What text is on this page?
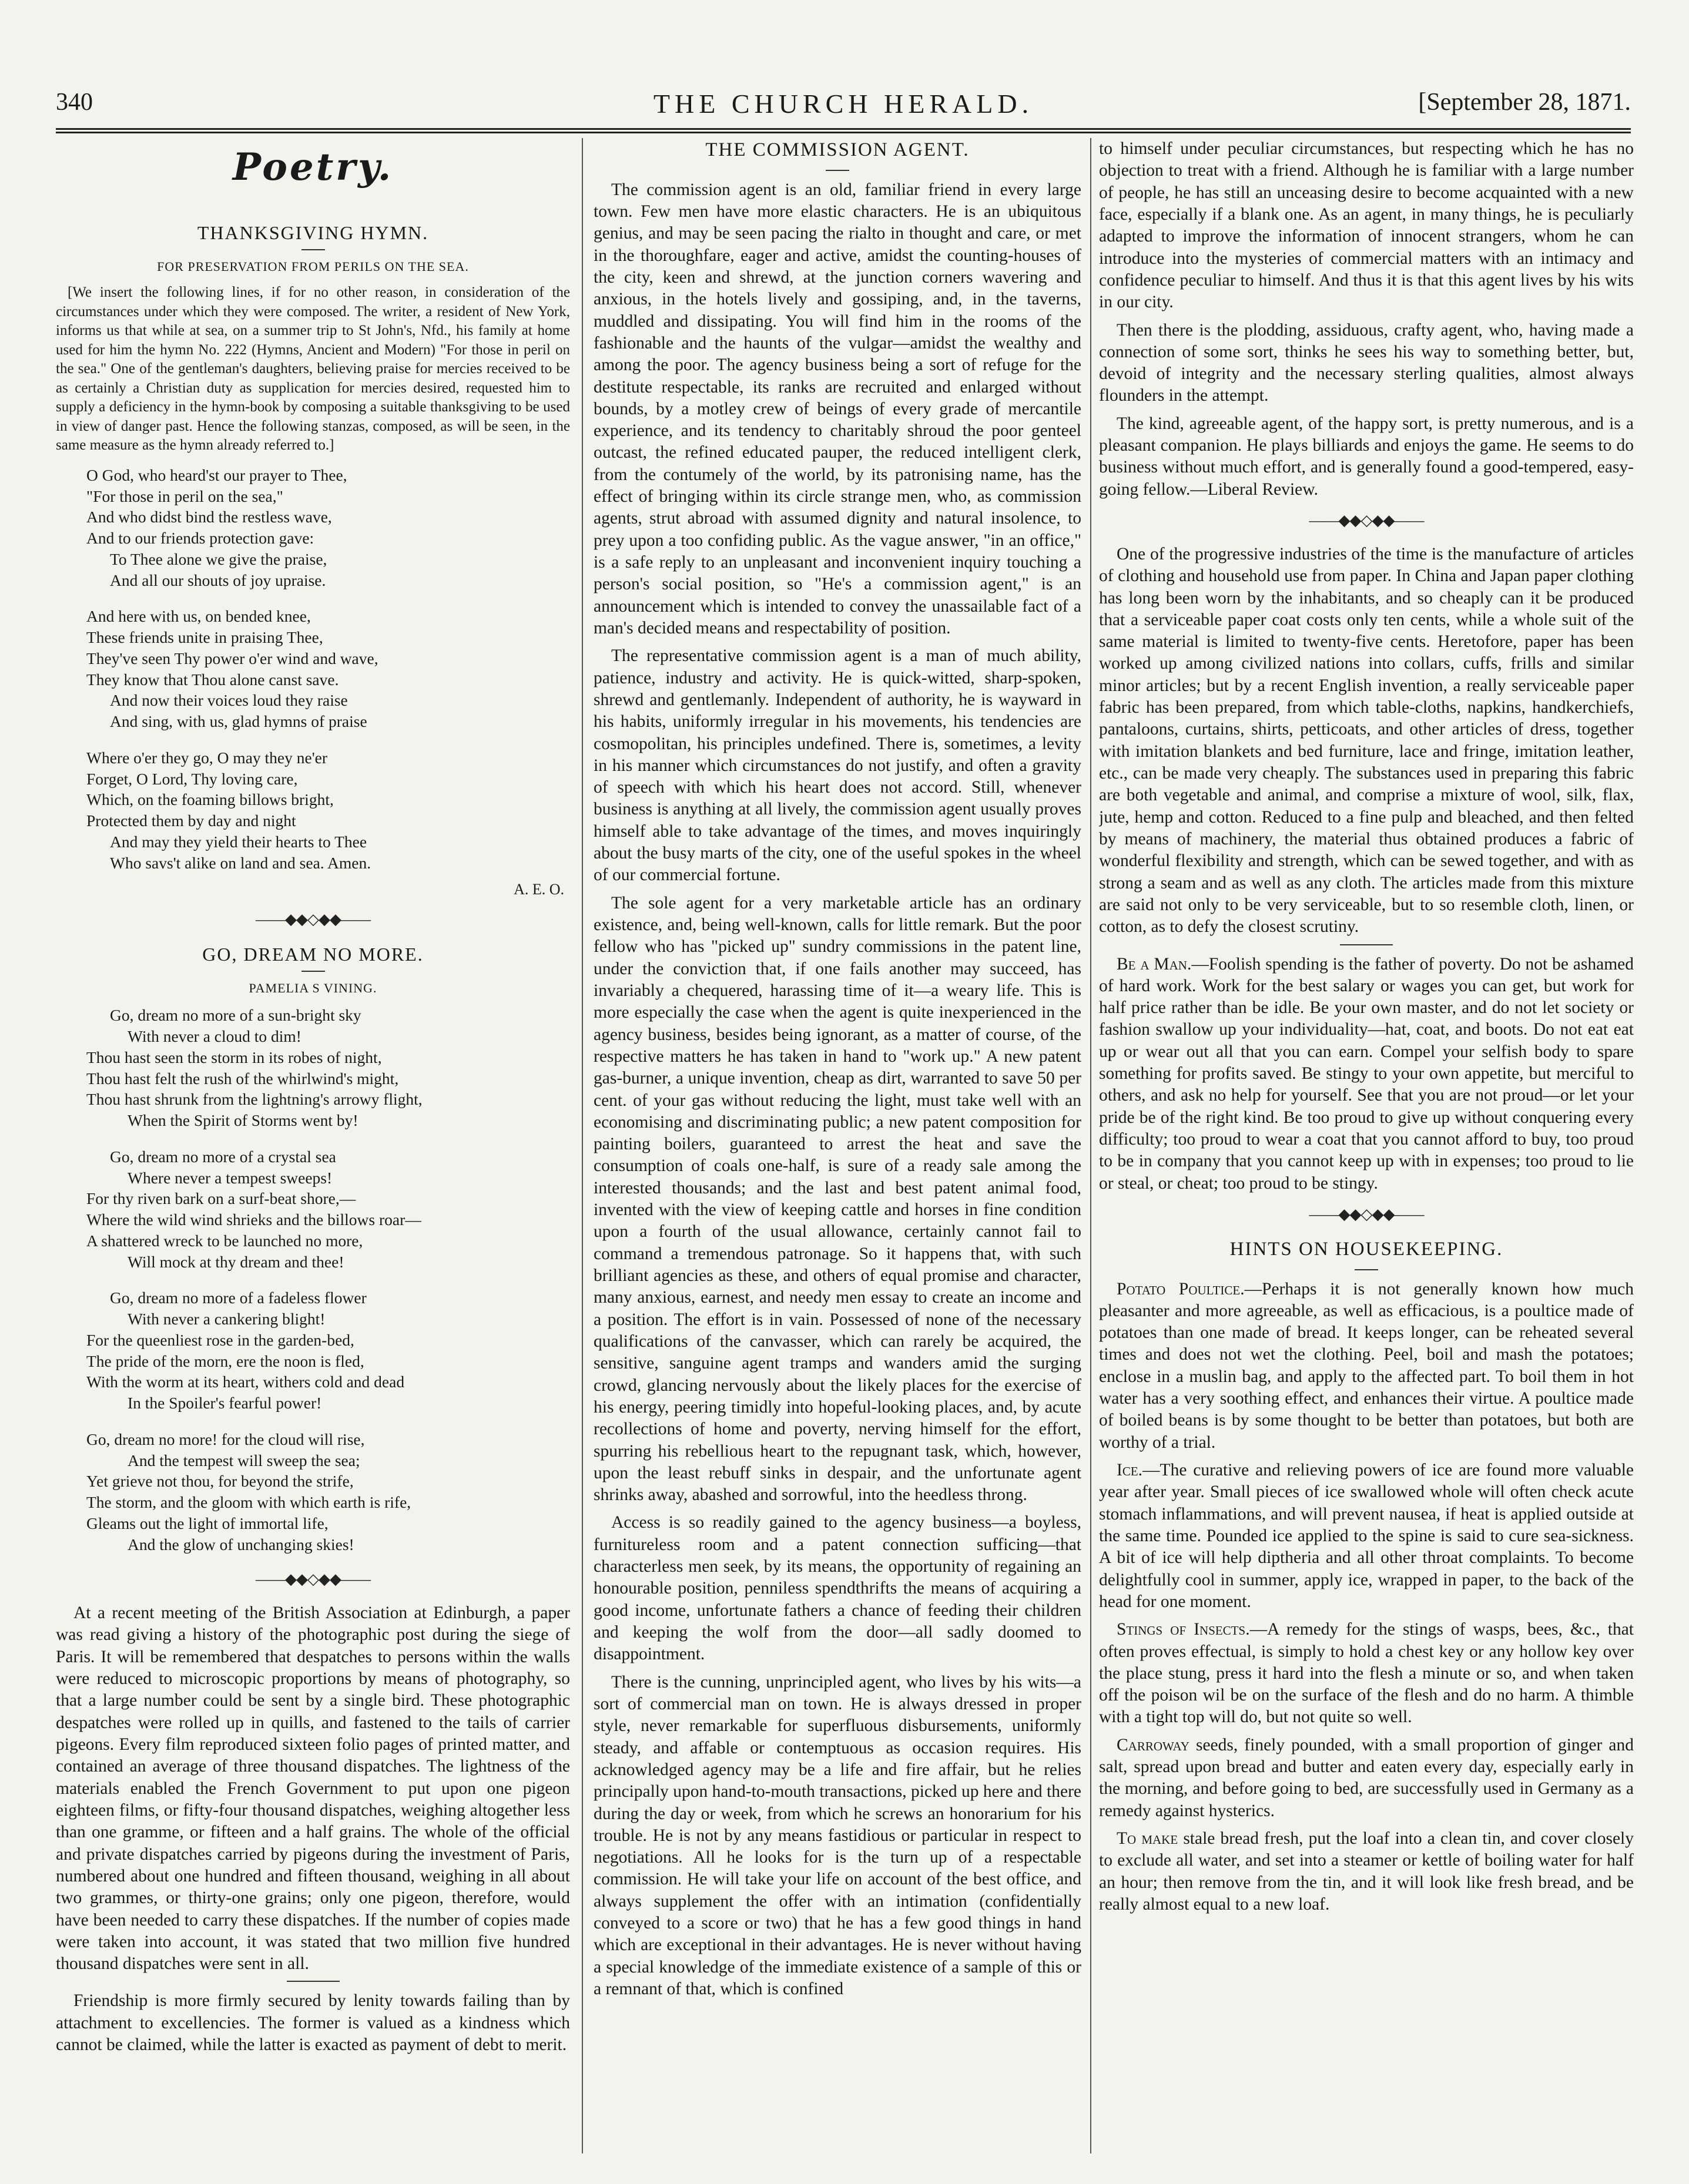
340	THE CHURCH HERALD.	[September 28, 1871.
Poetry.
THANKSGIVING HYMN.
FOR PRESERVATION FROM PERILS ON THE SEA.

[We insert the following lines, if for no other reason, in consideration of the circumstances under which they were composed. The writer, a resident of New York, informs us that while at sea, on a summer trip to St John's, Nfd., his family at home used for him the hymn No. 222 (Hymns, Ancient and Modern) "For those in peril on the sea." One of the gentleman's daughters, believing praise for mercies received to be as certainly a Christian duty as supplication for mercies desired, requested him to supply a deficiency in the hymn-book by composing a suitable thanksgiving to be used in view of danger past. Hence the following stanzas, composed, as will be seen, in the same measure as the hymn already referred to.]

O God, who heard'st our prayer to Thee,
"For those in peril on the sea,"
And who didst bind the restless wave,
And to our friends protection gave:
To Thee alone we give the praise,
And all our shouts of joy upraise.
And here with us, on bended knee,
These friends unite in praising Thee,
They've seen Thy power o'er wind and wave,
They know that Thou alone canst save.
And now their voices loud they raise
And sing, with us, glad hymns of praise
Where o'er they go, O may they ne'er
Forget, O Lord, Thy loving care,
Which, on the foaming billows bright,
Protected them by day and night
And may they yield their hearts to Thee
Who savs't alike on land and sea. Amen.
A. E. O.
——◆◆◇◆◆——
GO, DREAM NO MORE.
PAMELIA S VINING.
Go, dream no more of a sun-bright sky
With never a cloud to dim!
Thou hast seen the storm in its robes of night,
Thou hast felt the rush of the whirlwind's might,
Thou hast shrunk from the lightning's arrowy flight,
When the Spirit of Storms went by!
Go, dream no more of a crystal sea
Where never a tempest sweeps!
For thy riven bark on a surf-beat shore,—
Where the wild wind shrieks and the billows roar—
A shattered wreck to be launched no more,
Will mock at thy dream and thee!
Go, dream no more of a fadeless flower
With never a cankering blight!
For the queenliest rose in the garden-bed,
The pride of the morn, ere the noon is fled,
With the worm at its heart, withers cold and dead
In the Spoiler's fearful power!
Go, dream no more! for the cloud will rise,
And the tempest will sweep the sea;
Yet grieve not thou, for beyond the strife,
The storm, and the gloom with which earth is rife,
Gleams out the light of immortal life,
And the glow of unchanging skies!
——◆◆◇◆◆——

At a recent meeting of the British Association at Edinburgh, a paper was read giving a history of the photographic post during the siege of Paris. It will be remembered that despatches to persons within the walls were reduced to microscopic proportions by means of photography, so that a large number could be sent by a single bird. These photographic despatches were rolled up in quills, and fastened to the tails of carrier pigeons. Every film reproduced sixteen folio pages of printed matter, and contained an average of three thousand dispatches. The lightness of the materials enabled the French Government to put upon one pigeon eighteen films, or fifty-four thousand dispatches, weighing altogether less than one gramme, or fifteen and a half grains. The whole of the official and private dispatches carried by pigeons during the investment of Paris, numbered about one hundred and fifteen thousand, weighing in all about two grammes, or thirty-one grains; only one pigeon, therefore, would have been needed to carry these dispatches. If the number of copies made were taken into account, it was stated that two million five hundred thousand dispatches were sent in all.

Friendship is more firmly secured by lenity towards failing than by attachment to excellencies. The former is valued as a kindness which cannot be claimed, while the latter is exacted as payment of debt to merit.

THE COMMISSION AGENT.

The commission agent is an old, familiar friend in every large town. Few men have more elastic characters. He is an ubiquitous genius, and may be seen pacing the rialto in thought and care, or met in the thoroughfare, eager and active, amidst the counting-houses of the city, keen and shrewd, at the junction corners wavering and anxious, in the hotels lively and gossiping, and, in the taverns, muddled and dissipating. You will find him in the rooms of the fashionable and the haunts of the vulgar—amidst the wealthy and among the poor. The agency business being a sort of refuge for the destitute respectable, its ranks are recruited and enlarged without bounds, by a motley crew of beings of every grade of mercantile experience, and its tendency to charitably shroud the poor genteel outcast, the refined educated pauper, the reduced intelligent clerk, from the contumely of the world, by its patronising name, has the effect of bringing within its circle strange men, who, as commission agents, strut abroad with assumed dignity and natural insolence, to prey upon a too confiding public. As the vague answer, "in an office," is a safe reply to an unpleasant and inconvenient inquiry touching a person's social position, so "He's a commission agent," is an announcement which is intended to convey the unassailable fact of a man's decided means and respectability of position.

The representative commission agent is a man of much ability, patience, industry and activity. He is quick-witted, sharp-spoken, shrewd and gentlemanly. Independent of authority, he is wayward in his habits, uniformly irregular in his movements, his tendencies are cosmopolitan, his principles undefined. There is, sometimes, a levity in his manner which circumstances do not justify, and often a gravity of speech with which his heart does not accord. Still, whenever business is anything at all lively, the commission agent usually proves himself able to take advantage of the times, and moves inquiringly about the busy marts of the city, one of the useful spokes in the wheel of our commercial fortune.

The sole agent for a very marketable article has an ordinary existence, and, being well-known, calls for little remark. But the poor fellow who has "picked up" sundry commissions in the patent line, under the conviction that, if one fails another may succeed, has invariably a chequered, harassing time of it—a weary life. This is more especially the case when the agent is quite inexperienced in the agency business, besides being ignorant, as a matter of course, of the respective matters he has taken in hand to "work up." A new patent gas-burner, a unique invention, cheap as dirt, warranted to save 50 per cent. of your gas without reducing the light, must take well with an economising and discriminating public; a new patent composition for painting boilers, guaranteed to arrest the heat and save the consumption of coals one-half, is sure of a ready sale among the interested thousands; and the last and best patent animal food, invented with the view of keeping cattle and horses in fine condition upon a fourth of the usual allowance, certainly cannot fail to command a tremendous patronage. So it happens that, with such brilliant agencies as these, and others of equal promise and character, many anxious, earnest, and needy men essay to create an income and a position. The effort is in vain. Possessed of none of the necessary qualifications of the canvasser, which can rarely be acquired, the sensitive, sanguine agent tramps and wanders amid the surging crowd, glancing nervously about the likely places for the exercise of his energy, peering timidly into hopeful-looking places, and, by acute recollections of home and poverty, nerving himself for the effort, spurring his rebellious heart to the repugnant task, which, however, upon the least rebuff sinks in despair, and the unfortunate agent shrinks away, abashed and sorrowful, into the heedless throng.

Access is so readily gained to the agency business—a boyless, furnitureless room and a patent connection sufficing—that characterless men seek, by its means, the opportunity of regaining an honourable position, penniless spendthrifts the means of acquiring a good income, unfortunate fathers a chance of feeding their children and keeping the wolf from the door—all sadly doomed to disappointment.

There is the cunning, unprincipled agent, who lives by his wits—a sort of commercial man on town. He is always dressed in proper style, never remarkable for superfluous disbursements, uniformly steady, and affable or contemptuous as occasion requires. His acknowledged agency may be a life and fire affair, but he relies principally upon hand-to-mouth transactions, picked up here and there during the day or week, from which he screws an honorarium for his trouble. He is not by any means fastidious or particular in respect to negotiations. All he looks for is the turn up of a respectable commission. He will take your life on account of the best office, and always supplement the offer with an intimation (confidentially conveyed to a score or two) that he has a few good things in hand which are exceptional in their advantages. He is never without having a special knowledge of the immediate existence of a sample of this or a remnant of that, which is confined

to himself under peculiar circumstances, but respecting which he has no objection to treat with a friend. Although he is familiar with a large number of people, he has still an unceasing desire to become acquainted with a new face, especially if a blank one. As an agent, in many things, he is peculiarly adapted to improve the information of innocent strangers, whom he can introduce into the mysteries of commercial matters with an intimacy and confidence peculiar to himself. And thus it is that this agent lives by his wits in our city.

Then there is the plodding, assiduous, crafty agent, who, having made a connection of some sort, thinks he sees his way to something better, but, devoid of integrity and the necessary sterling qualities, almost always flounders in the attempt.

The kind, agreeable agent, of the happy sort, is pretty numerous, and is a pleasant companion. He plays billiards and enjoys the game. He seems to do business without much effort, and is generally found a good-tempered, easy-going fellow.—Liberal Review.

——◆◆◇◆◆——

One of the progressive industries of the time is the manufacture of articles of clothing and household use from paper. In China and Japan paper clothing has long been worn by the inhabitants, and so cheaply can it be produced that a serviceable paper coat costs only ten cents, while a whole suit of the same material is limited to twenty-five cents. Heretofore, paper has been worked up among civilized nations into collars, cuffs, frills and similar minor articles; but by a recent English invention, a really serviceable paper fabric has been prepared, from which table-cloths, napkins, handkerchiefs, pantaloons, curtains, shirts, petticoats, and other articles of dress, together with imitation blankets and bed furniture, lace and fringe, imitation leather, etc., can be made very cheaply. The substances used in preparing this fabric are both vegetable and animal, and comprise a mixture of wool, silk, flax, jute, hemp and cotton. Reduced to a fine pulp and bleached, and then felted by means of machinery, the material thus obtained produces a fabric of wonderful flexibility and strength, which can be sewed together, and with as strong a seam and as well as any cloth. The articles made from this mixture are said not only to be very serviceable, but to so resemble cloth, linen, or cotton, as to defy the closest scrutiny.

Be a Man.—Foolish spending is the father of poverty. Do not be ashamed of hard work. Work for the best salary or wages you can get, but work for half price rather than be idle. Be your own master, and do not let society or fashion swallow up your individuality—hat, coat, and boots. Do not eat eat up or wear out all that you can earn. Compel your selfish body to spare something for profits saved. Be stingy to your own appetite, but merciful to others, and ask no help for yourself. See that you are not proud—or let your pride be of the right kind. Be too proud to give up without conquering every difficulty; too proud to wear a coat that you cannot afford to buy, too proud to be in company that you cannot keep up with in expenses; too proud to lie or steal, or cheat; too proud to be stingy.

——◆◆◇◆◆——
HINTS ON HOUSEKEEPING.

Potato Poultice.—Perhaps it is not generally known how much pleasanter and more agreeable, as well as efficacious, is a poultice made of potatoes than one made of bread. It keeps longer, can be reheated several times and does not wet the clothing. Peel, boil and mash the potatoes; enclose in a muslin bag, and apply to the affected part. To boil them in hot water has a very soothing effect, and enhances their virtue. A poultice made of boiled beans is by some thought to be better than potatoes, but both are worthy of a trial.

Ice.—The curative and relieving powers of ice are found more valuable year after year. Small pieces of ice swallowed whole will often check acute stomach inflammations, and will prevent nausea, if heat is applied outside at the same time. Pounded ice applied to the spine is said to cure sea-sickness. A bit of ice will help diptheria and all other throat complaints. To become delightfully cool in summer, apply ice, wrapped in paper, to the back of the head for one moment.

Stings of Insects.—A remedy for the stings of wasps, bees, &c., that often proves effectual, is simply to hold a chest key or any hollow key over the place stung, press it hard into the flesh a minute or so, and when taken off the poison wil be on the surface of the flesh and do no harm. A thimble with a tight top will do, but not quite so well.

Carroway seeds, finely pounded, with a small proportion of ginger and salt, spread upon bread and butter and eaten every day, especially early in the morning, and before going to bed, are successfully used in Germany as a remedy against hysterics.

To make stale bread fresh, put the loaf into a clean tin, and cover closely to exclude all water, and set into a steamer or kettle of boiling water for half an hour; then remove from the tin, and it will look like fresh bread, and be really almost equal to a new loaf.
